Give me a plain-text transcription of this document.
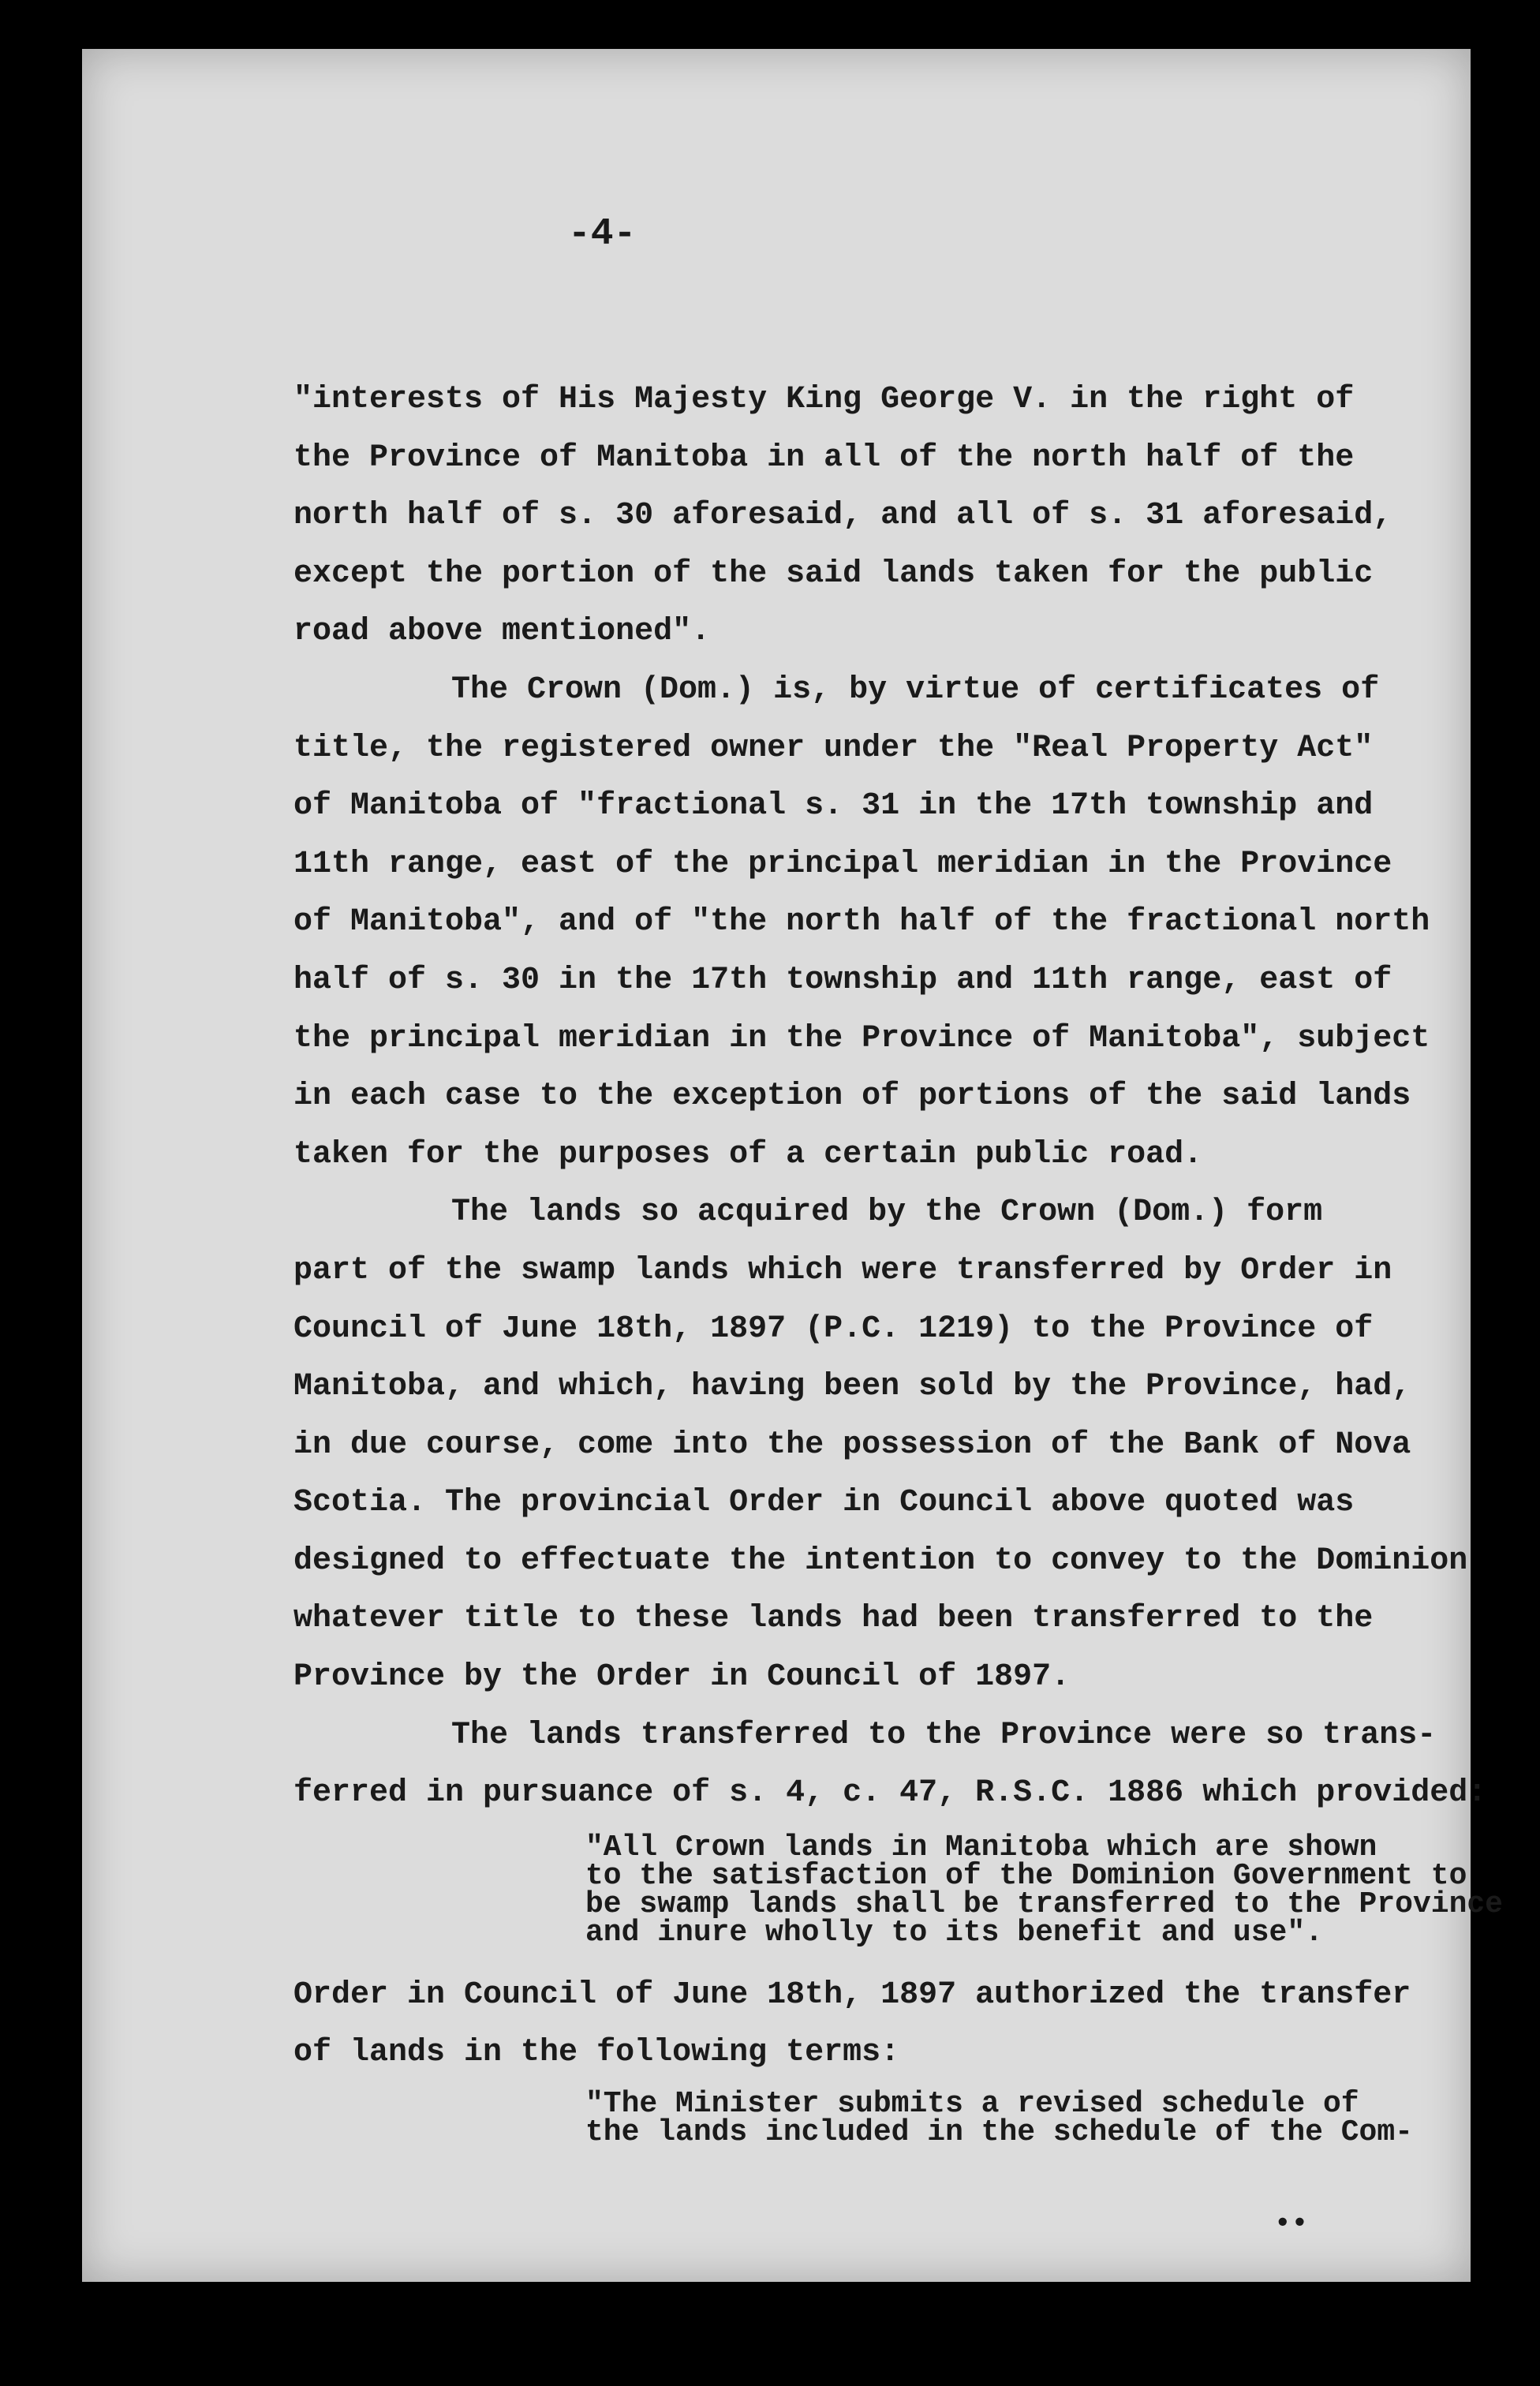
-4-
"interests of His Majesty King George V. in the right of
the Province of Manitoba in all of the north half of the
north half of s. 30 aforesaid, and all of s. 31 aforesaid,
except the portion of the said lands taken for the public
road above mentioned".
The Crown (Dom.) is, by virtue of certificates of
title, the registered owner under the "Real Property Act"
of Manitoba of "fractional s. 31 in the 17th township and
11th range, east of the principal meridian in the Province
of Manitoba", and of "the north half of the fractional north
half of s. 30 in the 17th township and 11th range, east of
the principal meridian in the Province of Manitoba", subject
in each case to the exception of portions of the said lands
taken for the purposes of a certain public road.
The lands so acquired by the Crown (Dom.) form
part of the swamp lands which were transferred by Order in
Council of June 18th, 1897 (P.C. 1219) to the Province of
Manitoba, and which, having been sold by the Province, had,
in due course, come into the possession of the Bank of Nova
Scotia. The provincial Order in Council above quoted was
designed to effectuate the intention to convey to the Dominion
whatever title to these lands had been transferred to the
Province by the Order in Council of 1897.
The lands transferred to the Province were so trans-
ferred in pursuance of s. 4, c. 47, R.S.C. 1886 which provided:
"All Crown lands in Manitoba which are shown
to the satisfaction of the Dominion Government to
be swamp lands shall be transferred to the Province
and inure wholly to its benefit and use".
Order in Council of June 18th, 1897 authorized the transfer
of lands in the following terms:
"The Minister submits a revised schedule of
the lands included in the schedule of the Com-
••
